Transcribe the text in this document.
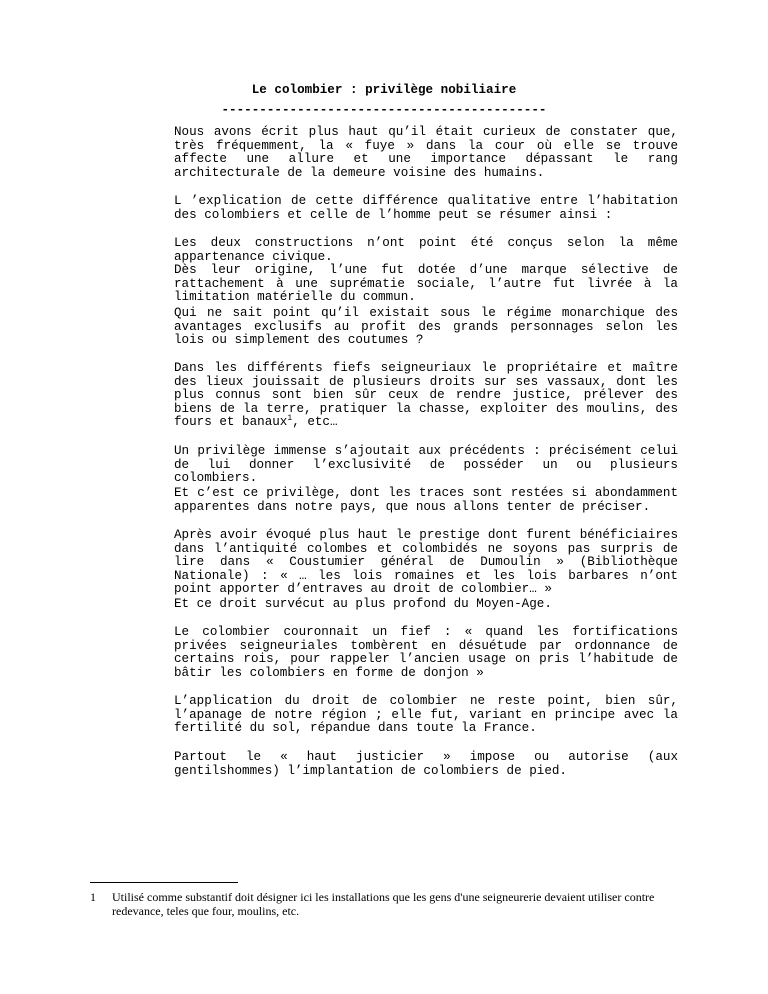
Le colombier : privilège nobiliaire
-------------------------------------------

Nous avons écrit plus haut qu’il était curieux de constater que, très fréquemment, la « fuye » dans la cour où elle se trouve affecte une allure et une importance dépassant le rang architecturale de la demeure voisine des humains.

L ’explication de cette différence qualitative entre l’habitation des colombiers et celle de l’homme peut se résumer ainsi :

Les deux constructions n’ont point été conçus selon la même appartenance civique.
Dès leur origine, l’une fut dotée d’une marque sélective de rattachement à une suprématie sociale, l’autre fut livrée à la limitation matérielle du commun.

Qui ne sait point qu’il existait sous le régime monarchique des avantages exclusifs au profit des grands personnages selon les lois ou simplement des coutumes ?

Dans les différents fiefs seigneuriaux le propriétaire et maître des lieux jouissait de plusieurs droits sur ses vassaux, dont les plus connus sont bien sûr ceux de rendre justice, prélever des biens de la terre, pratiquer la chasse, exploiter des moulins, des fours et banaux$^1$, etc…

Un privilège immense s’ajoutait aux précédents : précisément celui de lui donner l’exclusivité de posséder un ou plusieurs colombiers.

Et c’est ce privilège, dont les traces sont restées si abondamment apparentes dans notre pays, que nous allons tenter de préciser.

Après avoir évoqué plus haut le prestige dont furent bénéficiaires dans l’antiquité colombes et colombidés ne soyons pas surpris de lire dans « Coustumier général de Dumoulin » (Bibliothèque Nationale) : « … les lois romaines et les lois barbares n’ont point apporter d’entraves au droit de colombier… »

Et ce droit survécut au plus profond du Moyen-Age.

Le colombier couronnait un fief : « quand les fortifications privées seigneuriales tombèrent en désuétude par ordonnance de certains rois, pour rappeler l’ancien usage on pris l’habitude de bâtir les colombiers en forme de donjon »

L’application du droit de colombier ne reste point, bien sûr, l’apanage de notre région ; elle fut, variant en principe avec la fertilité du sol, répandue dans toute la France.

Partout le « haut justicier » impose ou autorise (aux gentilshommes) l’implantation de colombiers de pied.

1	Utilisé comme substantif doit désigner ici les installations que les gens d'une seigneurerie devaient utiliser contre redevance, teles que four, moulins, etc.
